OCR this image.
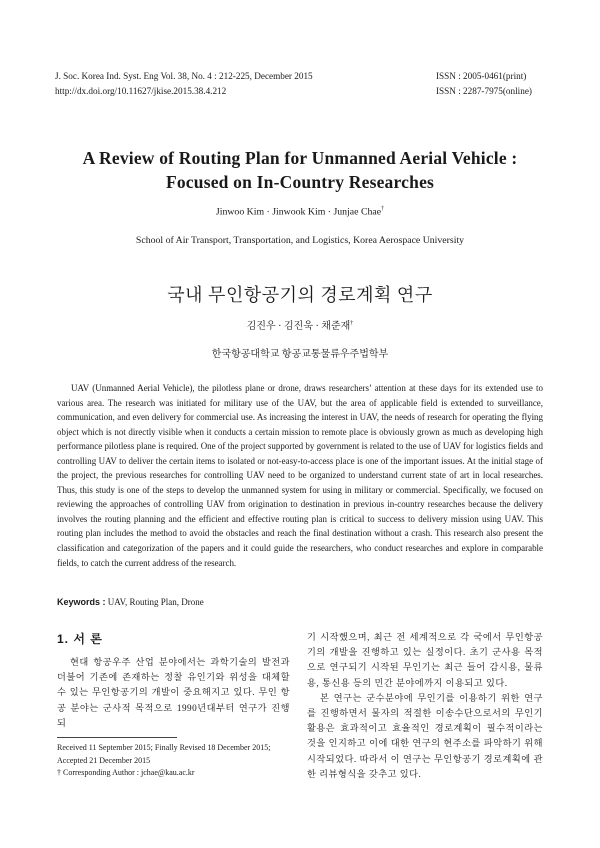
J. Soc. Korea Ind. Syst. Eng Vol. 38, No. 4 : 212-225, December 2015
http://dx.doi.org/10.11627/jkise.2015.38.4.212
ISSN : 2005-0461(print)
ISSN : 2287-7975(online)
A Review of Routing Plan for Unmanned Aerial Vehicle :
Focused on In-Country Researches
Jinwoo Kim · Jinwook Kim · Junjae Chae†
School of Air Transport, Transportation, and Logistics, Korea Aerospace University
국내 무인항공기의 경로계획 연구
김진우 · 김진욱 · 채준재†
한국항공대학교 항공교통물류우주법학부

UAV (Unmanned Aerial Vehicle), the pilotless plane or drone, draws researchers’ attention at these days for its extended use to various area. The research was initiated for military use of the UAV, but the area of applicable field is extended to surveillance, communication, and even delivery for commercial use. As increasing the interest in UAV, the needs of research for operating the flying object which is not directly visible when it conducts a certain mission to remote place is obviously grown as much as developing high performance pilotless plane is required. One of the project supported by government is related to the use of UAV for logistics fields and controlling UAV to deliver the certain items to isolated or not-easy-to-access place is one of the important issues. At the initial stage of the project, the previous researches for controlling UAV need to be organized to understand current state of art in local researches. Thus, this study is one of the steps to develop the unmanned system for using in military or commercial. Specifically, we focused on reviewing the approaches of controlling UAV from origination to destination in previous in-country researches because the delivery involves the routing planning and the efficient and effective routing plan is critical to success to delivery mission using UAV. This routing plan includes the method to avoid the obstacles and reach the final destination without a crash. This research also present the classification and categorization of the papers and it could guide the researchers, who conduct researches and explore in comparable fields, to catch the current address of the research.

Keywords : UAV, Routing Plan, Drone
1. 서 론

현대 항공우주 산업 분야에서는 과학기술의 발전과 더불어 기존에 존재하는 정찰 유인기와 위성을 대체할 수 있는 무인항공기의 개발이 중요해지고 있다. 무인 항공 분야는 군사적 목적으로 1990년대부터 연구가 진행되

기 시작했으며, 최근 전 세계적으로 각 국에서 무인항공기의 개발을 진행하고 있는 실정이다. 초기 군사용 목적으로 연구되기 시작된 무인기는 최근 들어 감시용, 물류용, 통신용 등의 민간 분야에까지 이용되고 있다.

본 연구는 군수분야에 무인기를 이용하기 위한 연구를 진행하면서 물자의 적절한 이송수단으로서의 무인기 활용은 효과적이고 효율적인 경로계획이 필수적이라는 것을 인지하고 이에 대한 연구의 현주소를 파악하기 위해 시작되었다. 따라서 이 연구는 무인항공기 경로계획에 관한 리뷰형식을 갖추고 있다.

Received 11 September 2015; Finally Revised 18 December 2015;
Accepted 21 December 2015
† Corresponding Author : jchae@kau.ac.kr
